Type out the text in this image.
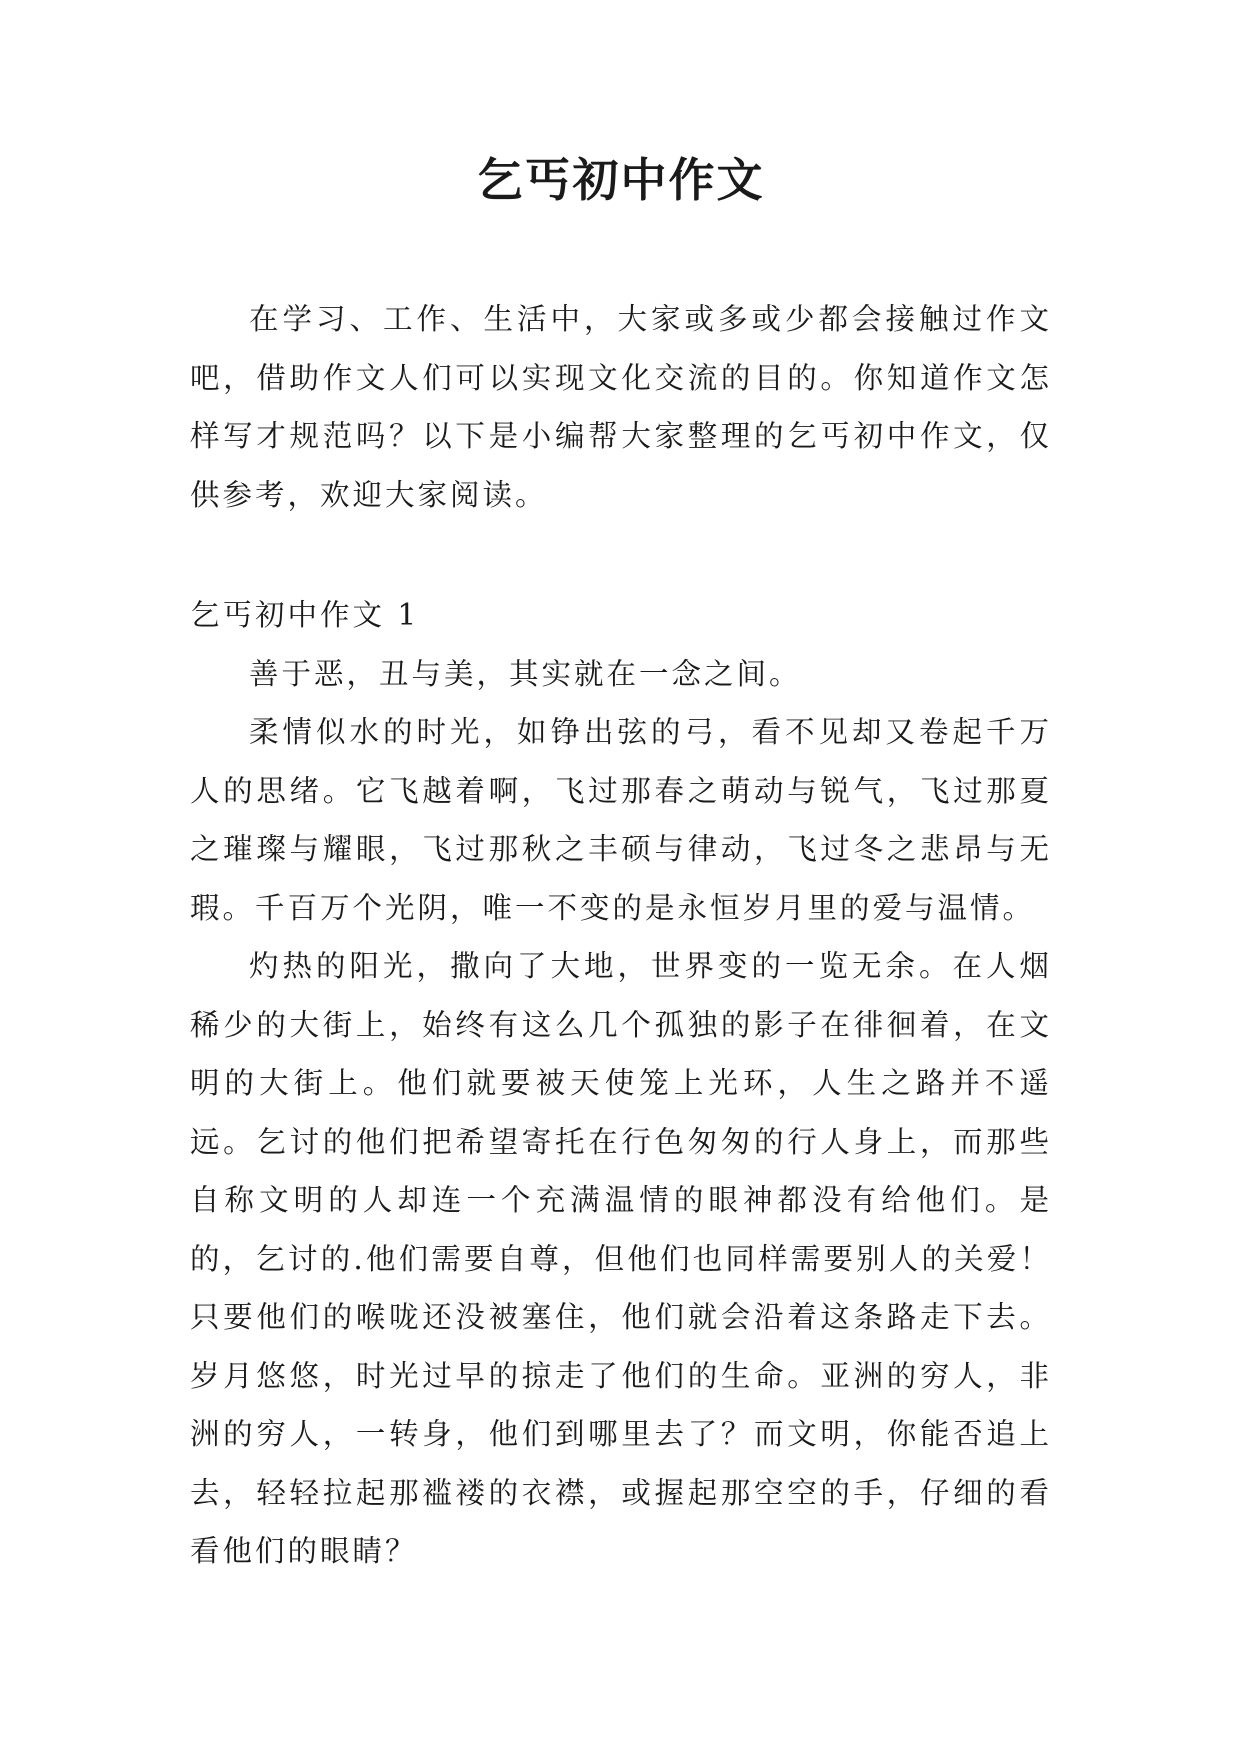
乞丐初中作文

在学习、工作、生活中，大家或多或少都会接触过作文吧，借助作文人们可以实现文化交流的目的。你知道作文怎样写才规范吗？以下是小编帮大家整理的乞丐初中作文，仅供参考，欢迎大家阅读。

乞丐初中作文 1

善于恶，丑与美，其实就在一念之间。

柔情似水的时光，如铮出弦的弓，看不见却又卷起千万人的思绪。它飞越着啊，飞过那春之萌动与锐气，飞过那夏之璀璨与耀眼，飞过那秋之丰硕与律动，飞过冬之悲昂与无瑕。千百万个光阴，唯一不变的是永恒岁月里的爱与温情。

灼热的阳光，撒向了大地，世界变的一览无余。在人烟稀少的大街上，始终有这么几个孤独的影子在徘徊着，在文明的大街上。他们就要被天使笼上光环，人生之路并不遥远。乞讨的他们把希望寄托在行色匆匆的行人身上，而那些自称文明的人却连一个充满温情的眼神都没有给他们。是的，乞讨的.他们需要自尊，但他们也同样需要别人的关爱！只要他们的喉咙还没被塞住，他们就会沿着这条路走下去。岁月悠悠，时光过早的掠走了他们的生命。亚洲的穷人，非洲的穷人，一转身，他们到哪里去了？而文明，你能否追上去，轻轻拉起那褴褛的衣襟，或握起那空空的手，仔细的看看他们的眼睛？
